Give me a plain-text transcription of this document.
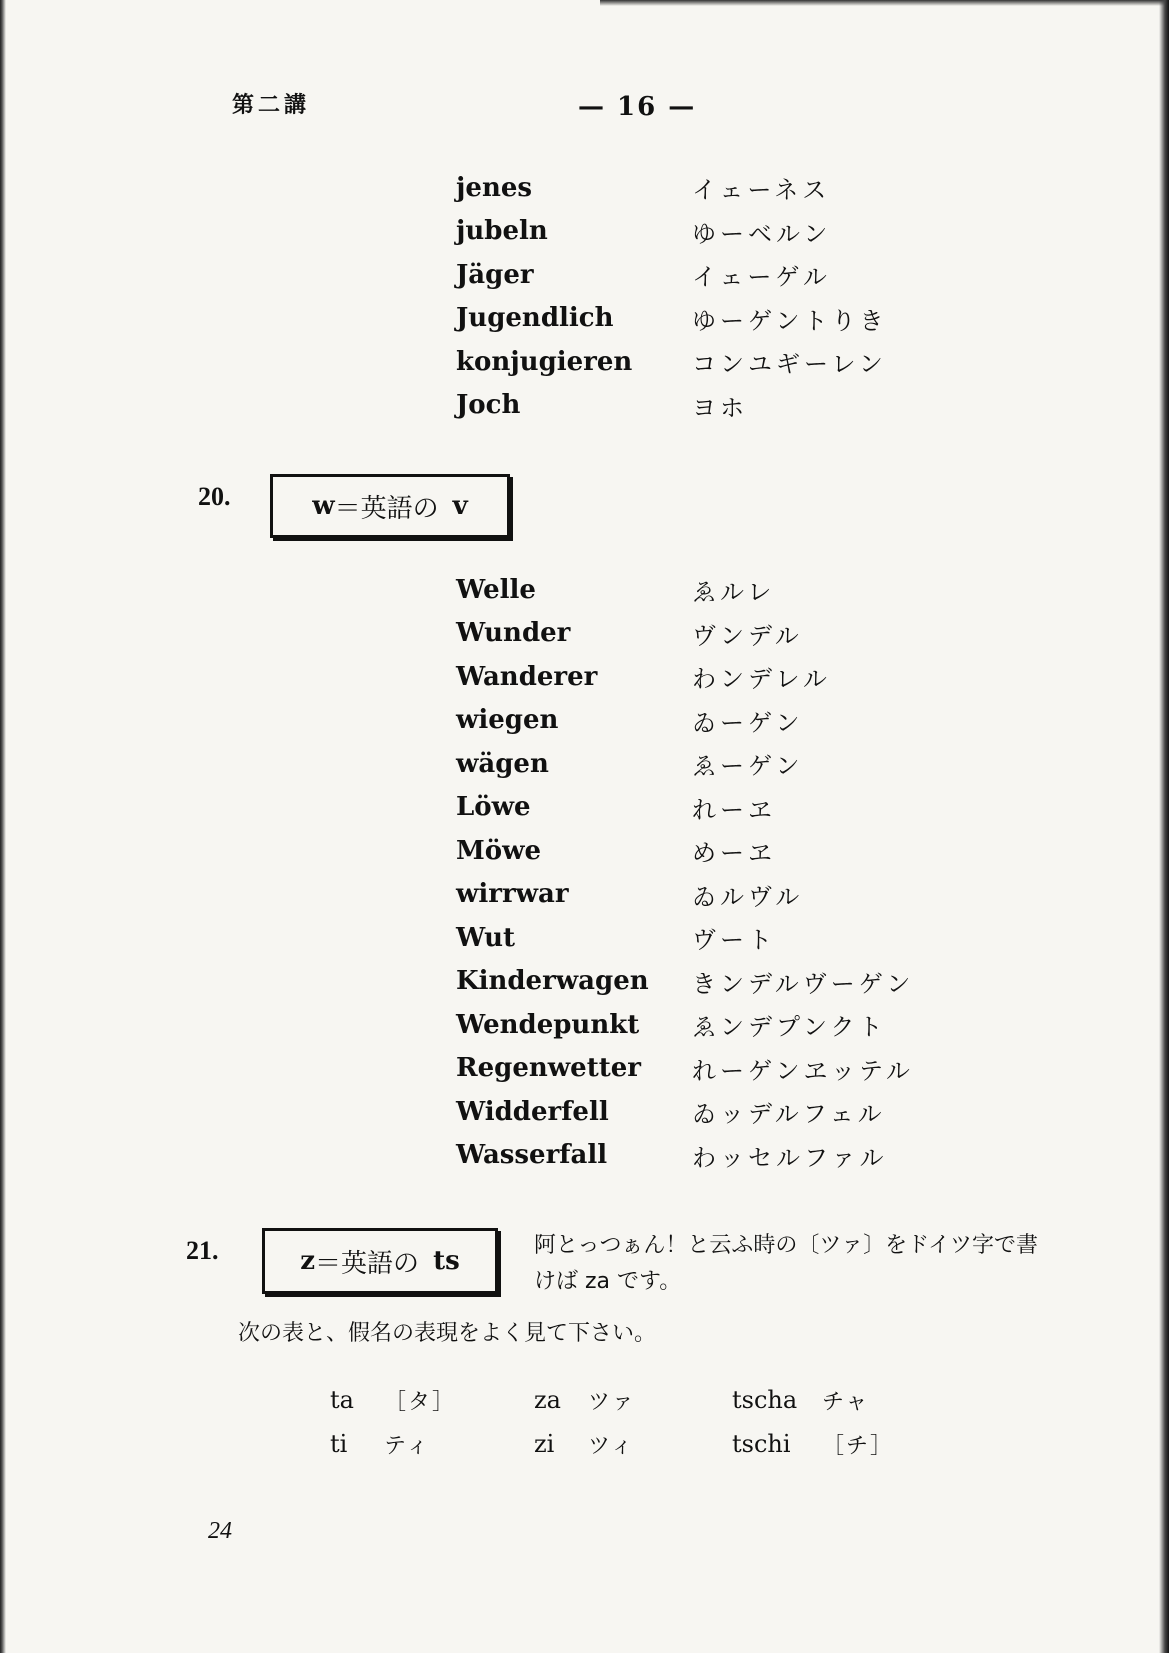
第二講	— 16 —
jenes	イェーネス
jubeln	ゆーベルン
Jäger	イェーゲル
Jugendlich	ゆーゲントりき
konjugieren	コンユギーレン
Joch	ヨホ
20.	w ＝英語の v
Welle	ゑルレ
Wunder	ヴンデル
Wanderer	わンデレル
wiegen	ゐーゲン
wägen	ゑーゲン
Löwe	れーヱ
Möwe	めーヱ
wirrwar	ゐルヴル
Wut	ヴート
Kinderwagen	きンデルヴーゲン
Wendepunkt	ゑンデプンクト
Regenwetter	れーゲンヱッテル
Widderfell	ゐッデルフェル
Wasserfall	わッセルファル
21.	z ＝英語の ts
阿とっつぁん！と云ふ時の〔ツァ〕をドイツ字で書
けば za です。
次の表と、假名の表現をよく見て下さい。
ta	［タ］	za	ツァ	tscha	チャ
ti	ティ	zi	ツィ	tschi	［チ］
24
